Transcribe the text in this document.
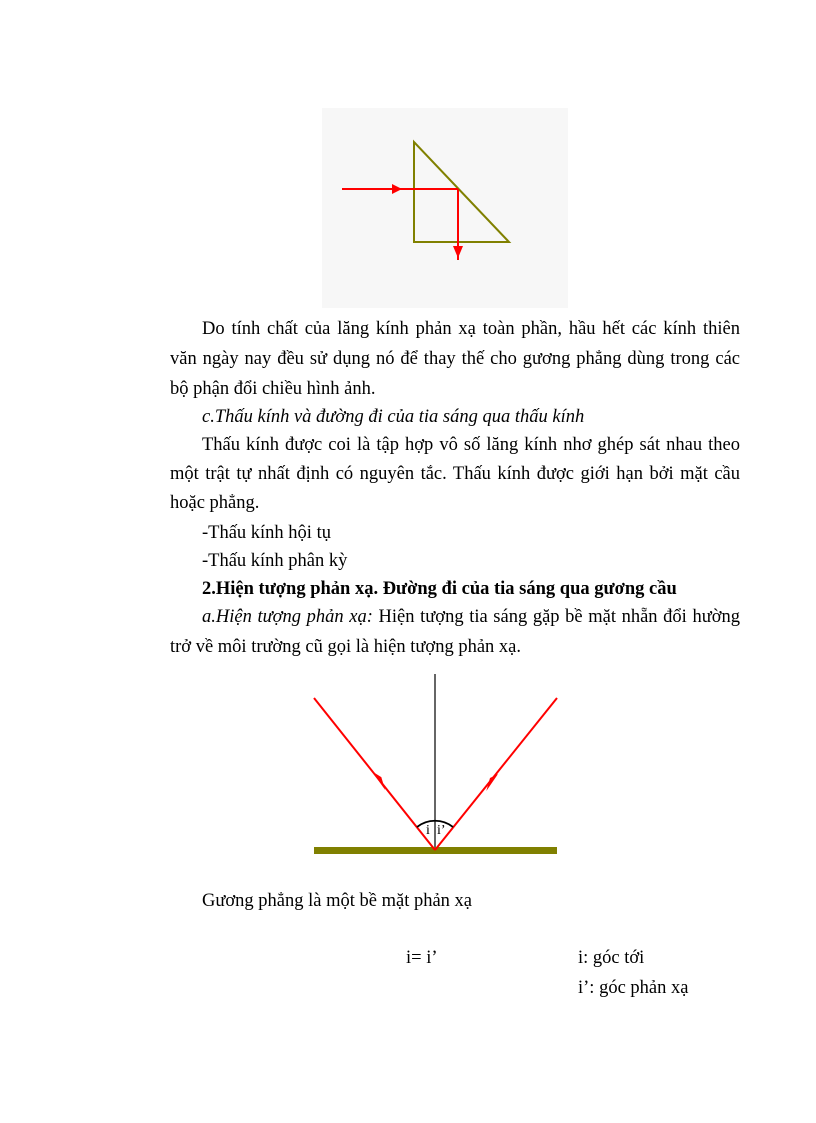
Do tính chất của lăng kính phản xạ toàn phần, hầu hết các kính thiên
văn ngày nay đều sử dụng nó để thay thế cho gương phẳng dùng trong các
bộ phận đổi chiều hình ảnh.
c.Thấu kính và đường đi của tia sáng qua thấu kính
Thấu kính được coi là tập hợp vô số lăng kính nhơ ghép sát nhau theo
một trật tự nhất định có nguyên tắc. Thấu kính được giới hạn bởi mặt cầu
hoặc phẳng.
-Thấu kính hội tụ
-Thấu kính phân kỳ
2.Hiện tượng phản xạ. Đường đi của tia sáng qua gương cầu
a.Hiện tượng phản xạ: Hiện tượng tia sáng gặp bề mặt nhẵn đổi hường
trở về môi trường cũ gọi là hiện tượng phản xạ.
i i’
Gương phẳng là một bề mặt phản xạ
i= i’	i: góc tới
i’: góc phản xạ
